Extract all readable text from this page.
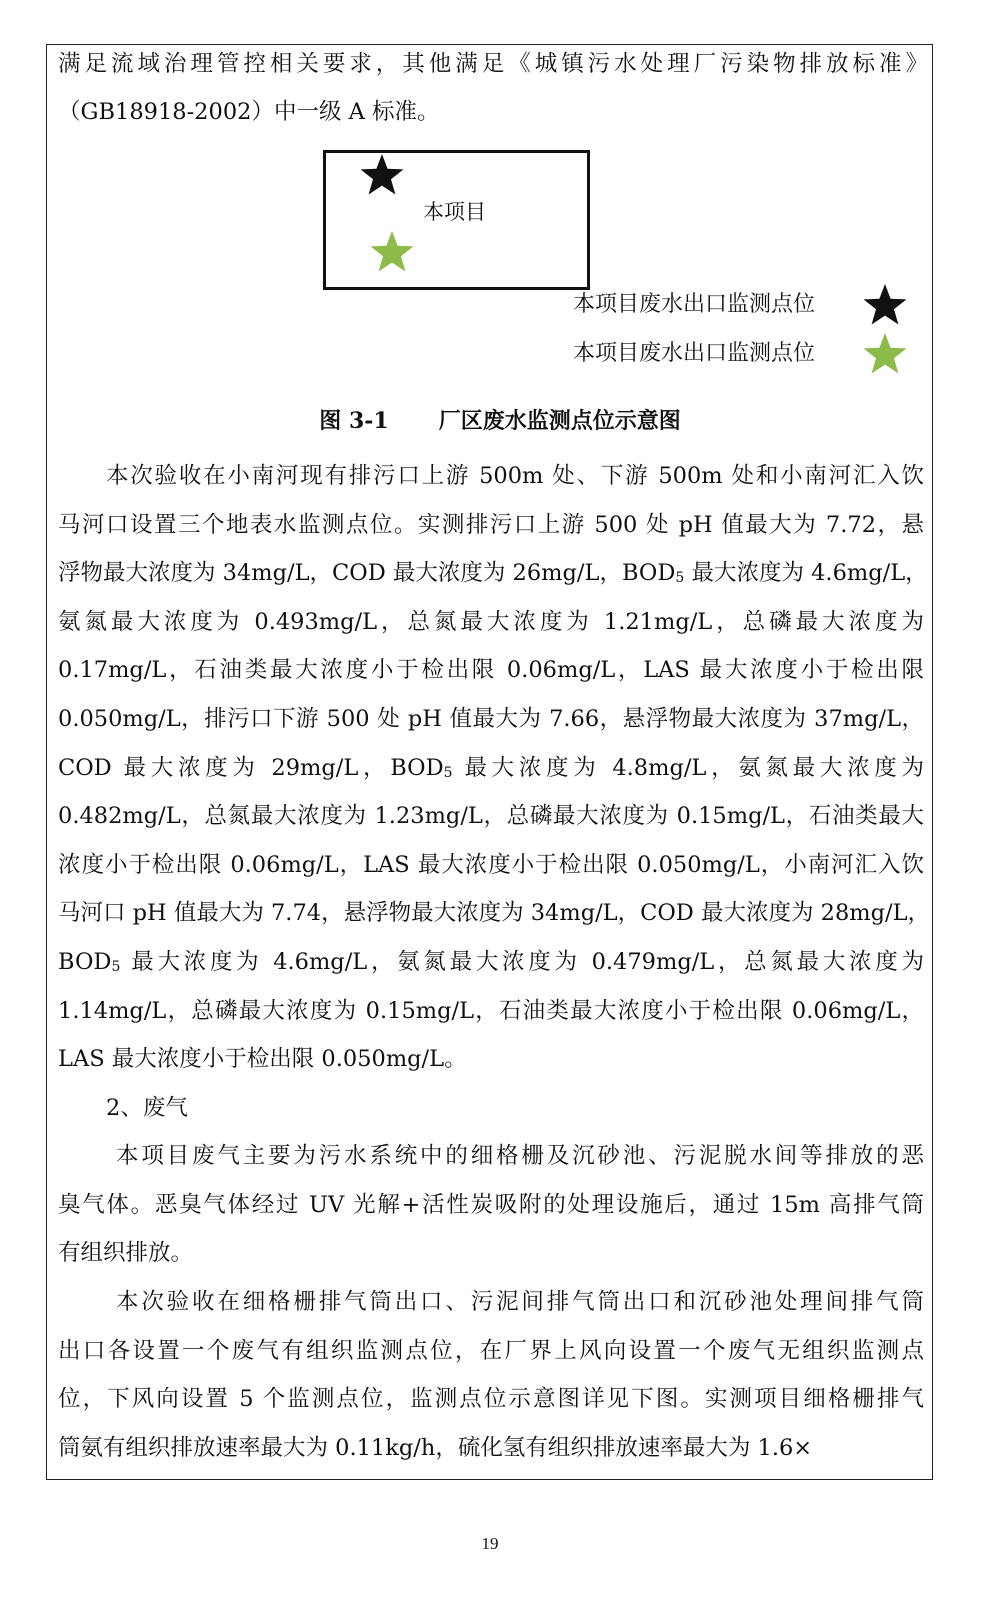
满足流域治理管控相关要求，其他满足《城镇污水处理厂污染物排放标准》
（GB18918-2002）中一级 A 标准。
本项目
本项目废水出口监测点位
本项目废水出口监测点位
图 3-1 厂区废水监测点位示意图
本次验收在小南河现有排污口上游 500m 处、下游 500m 处和小南河汇入饮
马河口设置三个地表水监测点位。实测排污口上游 500 处 pH 值最大为 7.72，悬
浮物最大浓度为 34mg/L，COD 最大浓度为 26mg/L，BOD5 最大浓度为 4.6mg/L，
氨氮最大浓度为 0.493mg/L，总氮最大浓度为 1.21mg/L，总磷最大浓度为
0.17mg/L，石油类最大浓度小于检出限 0.06mg/L，LAS 最大浓度小于检出限
0.050mg/L，排污口下游 500 处 pH 值最大为 7.66，悬浮物最大浓度为 37mg/L，
COD 最大浓度为 29mg/L，BOD5 最大浓度为 4.8mg/L，氨氮最大浓度为
0.482mg/L，总氮最大浓度为 1.23mg/L，总磷最大浓度为 0.15mg/L，石油类最大
浓度小于检出限 0.06mg/L，LAS 最大浓度小于检出限 0.050mg/L，小南河汇入饮
马河口 pH 值最大为 7.74，悬浮物最大浓度为 34mg/L，COD 最大浓度为 28mg/L，
BOD5 最大浓度为 4.6mg/L，氨氮最大浓度为 0.479mg/L，总氮最大浓度为
1.14mg/L，总磷最大浓度为 0.15mg/L，石油类最大浓度小于检出限 0.06mg/L，
LAS 最大浓度小于检出限 0.050mg/L。
2、废气
本项目废气主要为污水系统中的细格栅及沉砂池、污泥脱水间等排放的恶
臭气体。恶臭气体经过 UV 光解+活性炭吸附的处理设施后，通过 15m 高排气筒
有组织排放。
本次验收在细格栅排气筒出口、污泥间排气筒出口和沉砂池处理间排气筒
出口各设置一个废气有组织监测点位，在厂界上风向设置一个废气无组织监测点
位，下风向设置 5 个监测点位，监测点位示意图详见下图。实测项目细格栅排气
筒氨有组织排放速率最大为 0.11kg/h，硫化氢有组织排放速率最大为 1.6×
19
